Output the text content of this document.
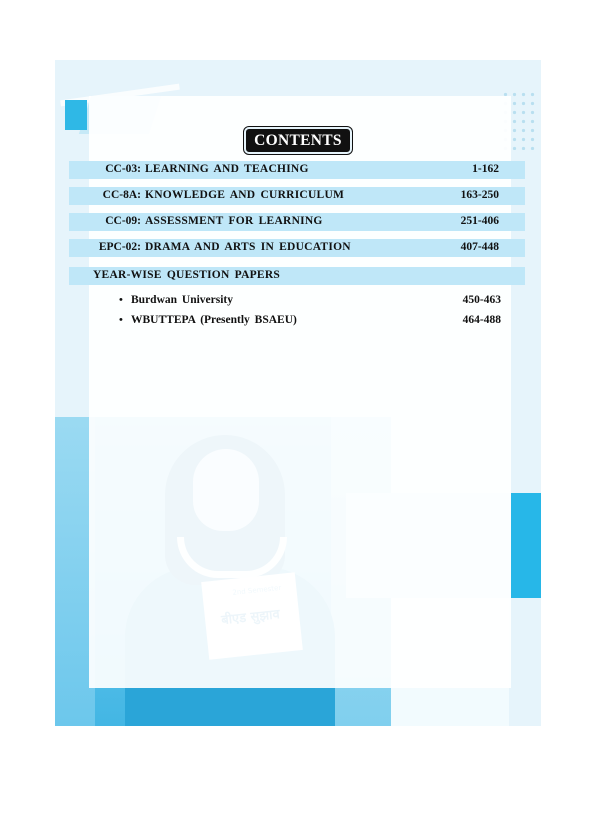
CONTENTS
CC-03: LEARNING AND TEACHING	1-162
CC-8A: KNOWLEDGE AND CURRICULUM	163-250
CC-09: ASSESSMENT FOR LEARNING	251-406
EPC-02: DRAMA AND ARTS IN EDUCATION	407-448
YEAR-WISE QUESTION PAPERS
• Burdwan University	450-463
• WBUTTEPA (Presently BSAEU)	464-488
